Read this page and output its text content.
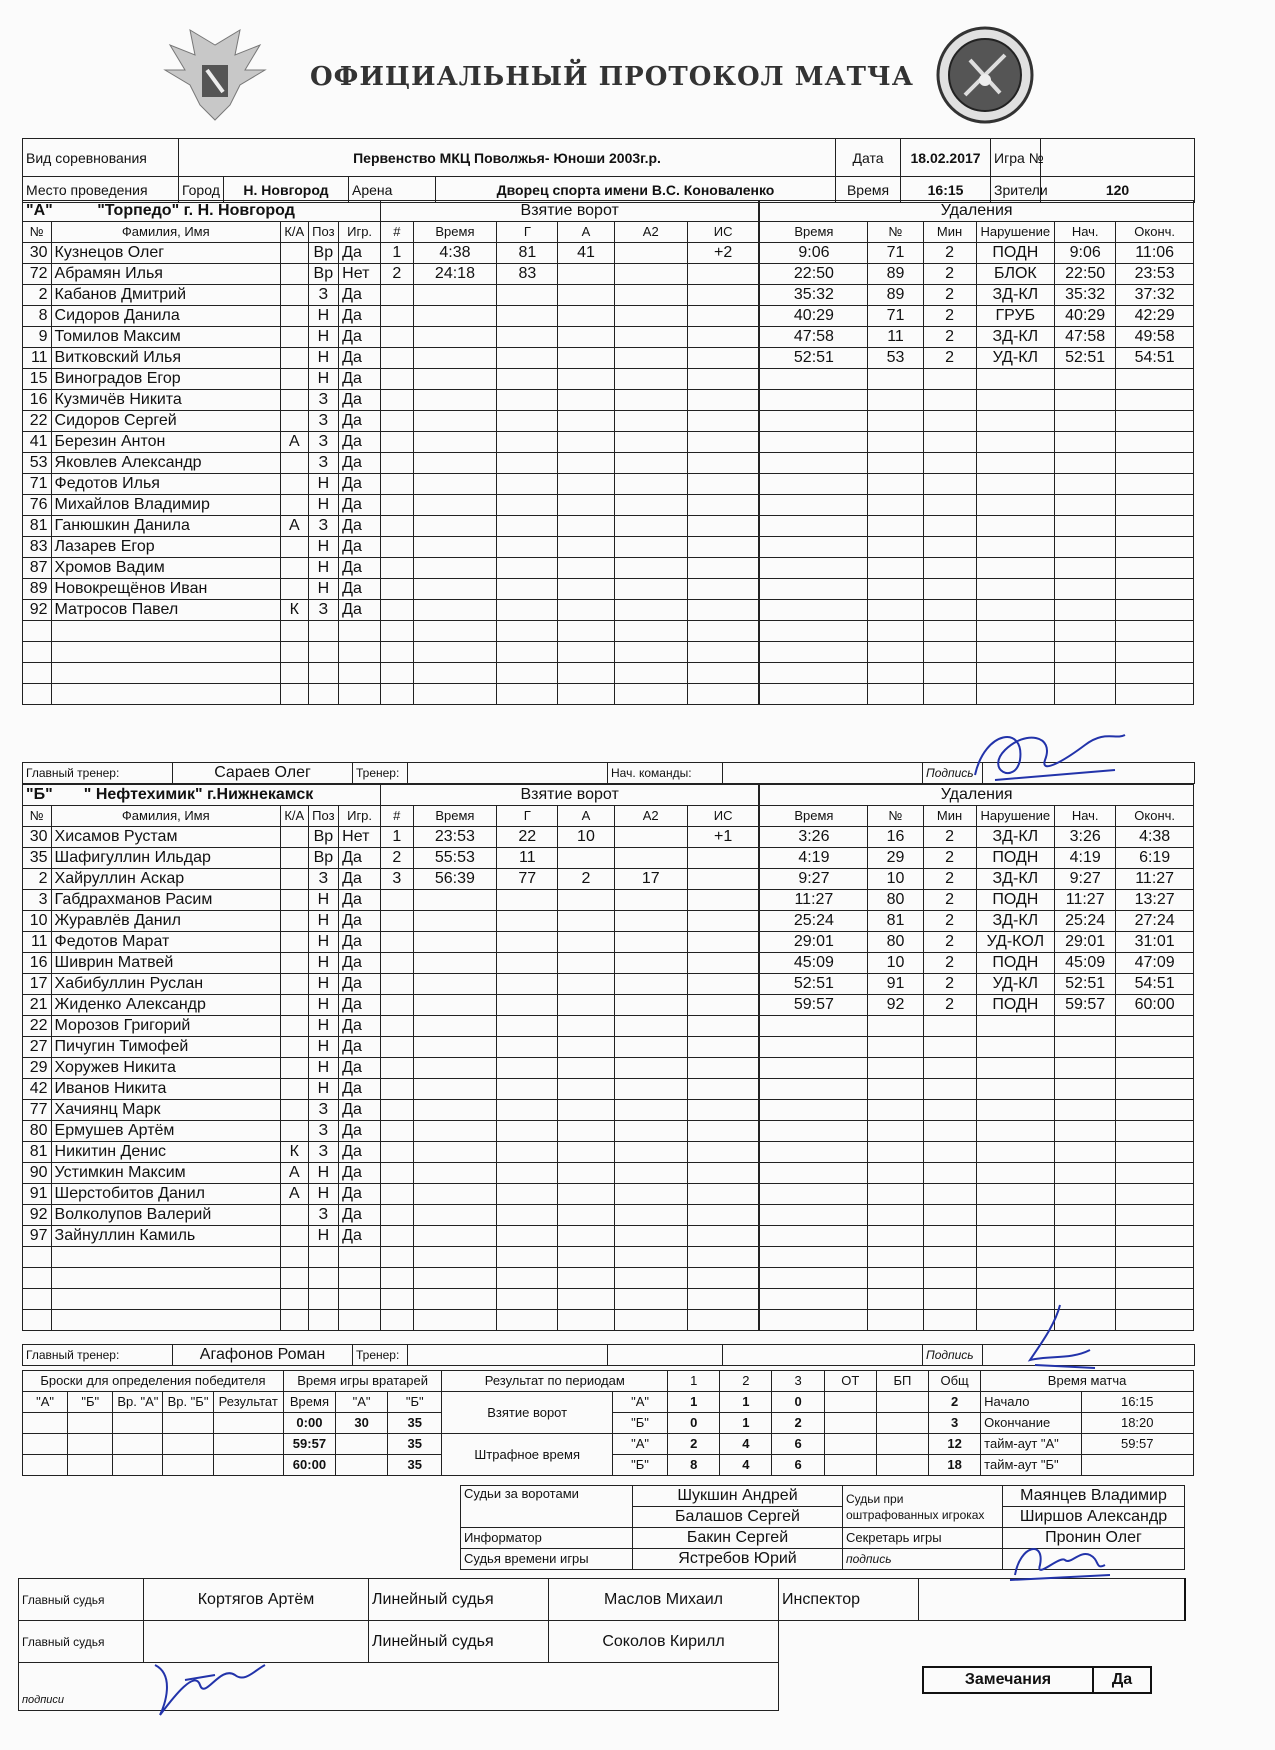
ОФИЦИАЛЬНЫЙ ПРОТОКОЛ МАТЧА
Вид соревнования	Первенство МКЦ Поволжья- Юноши 2003г.р.				Дата	18.02.2017	Игра №	
Место проведения	Город	Н. Новгород	Арена	Дворец спорта имени В.С. Коноваленко	Время	16:15	Зрители	120
"А" "Торпедо" г. Н. Новгород					Взятие ворот						Удаления					
№	Фамилия, Имя	К/А	Поз	Игр.	#	Время	Г	А	А2	ИС		Время	№	Мин	Нарушение	Нач.	Оконч.
30	Кузнецов Олег		Вр	Да	1	4:38	81	41		+2		9:06	71	2	ПОДН	9:06	11:06
72	Абрамян Илья		Вр	Нет	2	24:18	83					22:50	89	2	БЛОК	22:50	23:53
2	Кабанов Дмитрий		З	Да								35:32	89	2	ЗД-КЛ	35:32	37:32
8	Сидоров Данила		Н	Да								40:29	71	2	ГРУБ	40:29	42:29
9	Томилов Максим		Н	Да								47:58	11	2	ЗД-КЛ	47:58	49:58
11	Витковский Илья		Н	Да								52:51	53	2	УД-КЛ	52:51	54:51
15	Виноградов Егор		Н	Да													
16	Кузмичёв Никита		З	Да													
22	Сидоров Сергей		З	Да													
41	Березин Антон	А	З	Да													
53	Яковлев Александр		З	Да													
71	Федотов Илья		Н	Да													
76	Михайлов Владимир		Н	Да													
81	Ганюшкин Данила	А	З	Да													
83	Лазарев Егор		Н	Да													
87	Хромов Вадим		Н	Да													
89	Новокрещёнов Иван		Н	Да													
92	Матросов Павел	К	З	Да													

Главный тренер:	Сараев Олег	Тренер:		Нач. команды:		Подпись	
"Б" " Нефтехимик" г.Нижнекамск					Взятие ворот						Удаления					
№	Фамилия, Имя	К/А	Поз	Игр.	#	Время	Г	А	А2	ИС		Время	№	Мин	Нарушение	Нач.	Оконч.
30	Хисамов Рустам		Вр	Нет	1	23:53	22	10		+1		3:26	16	2	ЗД-КЛ	3:26	4:38
35	Шафигуллин Ильдар		Вр	Да	2	55:53	11					4:19	29	2	ПОДН	4:19	6:19
2	Хайруллин Аскар		З	Да	3	56:39	77	2	17			9:27	10	2	ЗД-КЛ	9:27	11:27
3	Габдрахманов Расим		Н	Да								11:27	80	2	ПОДН	11:27	13:27
10	Журавлёв Данил		Н	Да								25:24	81	2	ЗД-КЛ	25:24	27:24
11	Федотов Марат		Н	Да								29:01	80	2	УД-КОЛ	29:01	31:01
16	Шиврин Матвей		Н	Да								45:09	10	2	ПОДН	45:09	47:09
17	Хабибуллин Руслан		Н	Да								52:51	91	2	УД-КЛ	52:51	54:51
21	Жиденко Александр		Н	Да								59:57	92	2	ПОДН	59:57	60:00
22	Морозов Григорий		Н	Да													
27	Пичугин Тимофей		Н	Да													
29	Хоружев Никита		Н	Да													
42	Иванов Никита		Н	Да													
77	Хачиянц Марк		З	Да													
80	Ермушев Артём		З	Да													
81	Никитин Денис	К	З	Да													
90	Устимкин Максим	А	Н	Да													
91	Шерстобитов Данил	А	Н	Да													
92	Волколупов Валерий		З	Да													
97	Зайнуллин Камиль		Н	Да													

Главный тренер:	Агафонов Роман	Тренер:				Подпись	
Броски для определения победителя					Время игры вратарей			Результат по периодам		1	2	3	ОТ	БП	Общ	Время матча	
"А"	"Б"	Вр. "А"	Вр. "Б"	Результат	Время	"А"	"Б"	Взятие ворот	"А"	1	1	0			2	Начало	16:15
					0:00	30	35		"Б"	0	1	2			3	Окончание	18:20
					59:57		35	Штрафное время	"А"	2	4	6			12	тайм-аут "А"	59:57
					60:00		35		"Б"	8	4	6			18	тайм-аут "Б"	
Судьи за воротами	Шукшин Андрей	Судьи при оштрафованных игроках	Маянцев Владимир
	Балашов Сергей		Ширшов Александр
Информатор	Бакин Сергей	Секретарь игры	Пронин Олег
Судья времени игры	Ястребов Юрий	подпись	
Главный судья	Кортягов Артём	Линейный судья	Маслов Михаил	Инспектор	
Главный судья		Линейный судья	Соколов Кирилл		
подписи					
Замечания	Да
